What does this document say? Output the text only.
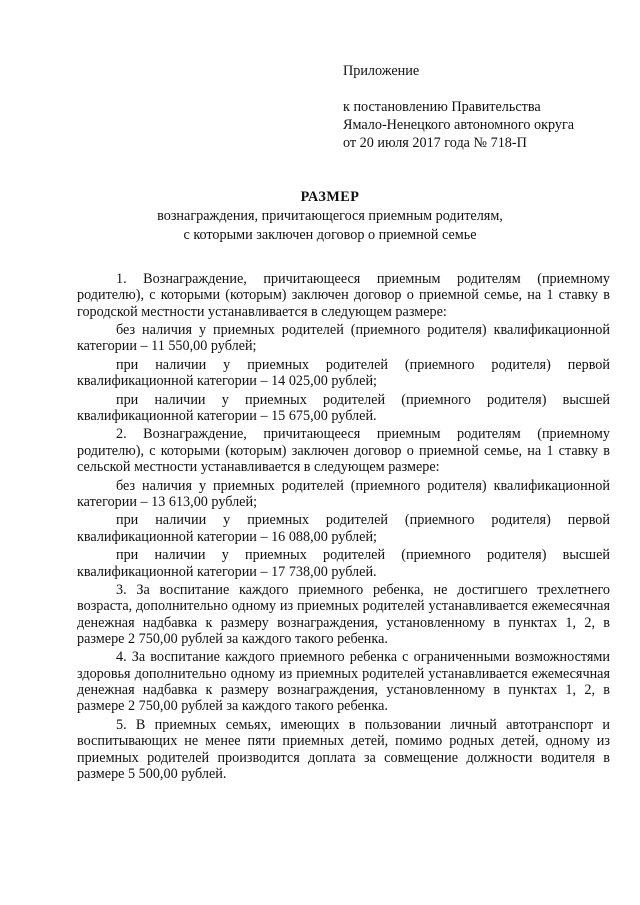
Приложение
к постановлению Правительства
Ямало-Ненецкого автономного округа
от 20 июля 2017 года № 718-П
РАЗМЕР
вознаграждения, причитающегося приемным родителям,
с которыми заключен договор о приемной семье

1. Вознаграждение, причитающееся приемным родителям (приемному родителю), с которыми (которым) заключен договор о приемной семье, на 1 ставку в городской местности устанавливается в следующем размере:

без наличия у приемных родителей (приемного родителя) квалификационной категории – 11 550,00 рублей;

при наличии у приемных родителей (приемного родителя) первой квалификационной категории – 14 025,00 рублей;

при наличии у приемных родителей (приемного родителя) высшей квалификационной категории – 15 675,00 рублей.

2. Вознаграждение, причитающееся приемным родителям (приемному родителю), с которыми (которым) заключен договор о приемной семье, на 1 ставку в сельской местности устанавливается в следующем размере:

без наличия у приемных родителей (приемного родителя) квалификационной категории – 13 613,00 рублей;

при наличии у приемных родителей (приемного родителя) первой квалификационной категории – 16 088,00 рублей;

при наличии у приемных родителей (приемного родителя) высшей квалификационной категории – 17 738,00 рублей.

3. За воспитание каждого приемного ребенка, не достигшего трехлетнего возраста, дополнительно одному из приемных родителей устанавливается ежемесячная денежная надбавка к размеру вознаграждения, установленному в пунктах 1, 2, в размере 2 750,00 рублей за каждого такого ребенка.

4. За воспитание каждого приемного ребенка с ограниченными возможностями здоровья дополнительно одному из приемных родителей устанавливается ежемесячная денежная надбавка к размеру вознаграждения, установленному в пунктах 1, 2, в размере 2 750,00 рублей за каждого такого ребенка.

5. В приемных семьях, имеющих в пользовании личный автотранспорт и воспитывающих не менее пяти приемных детей, помимо родных детей, одному из приемных родителей производится доплата за совмещение должности водителя в размере 5 500,00 рублей.
